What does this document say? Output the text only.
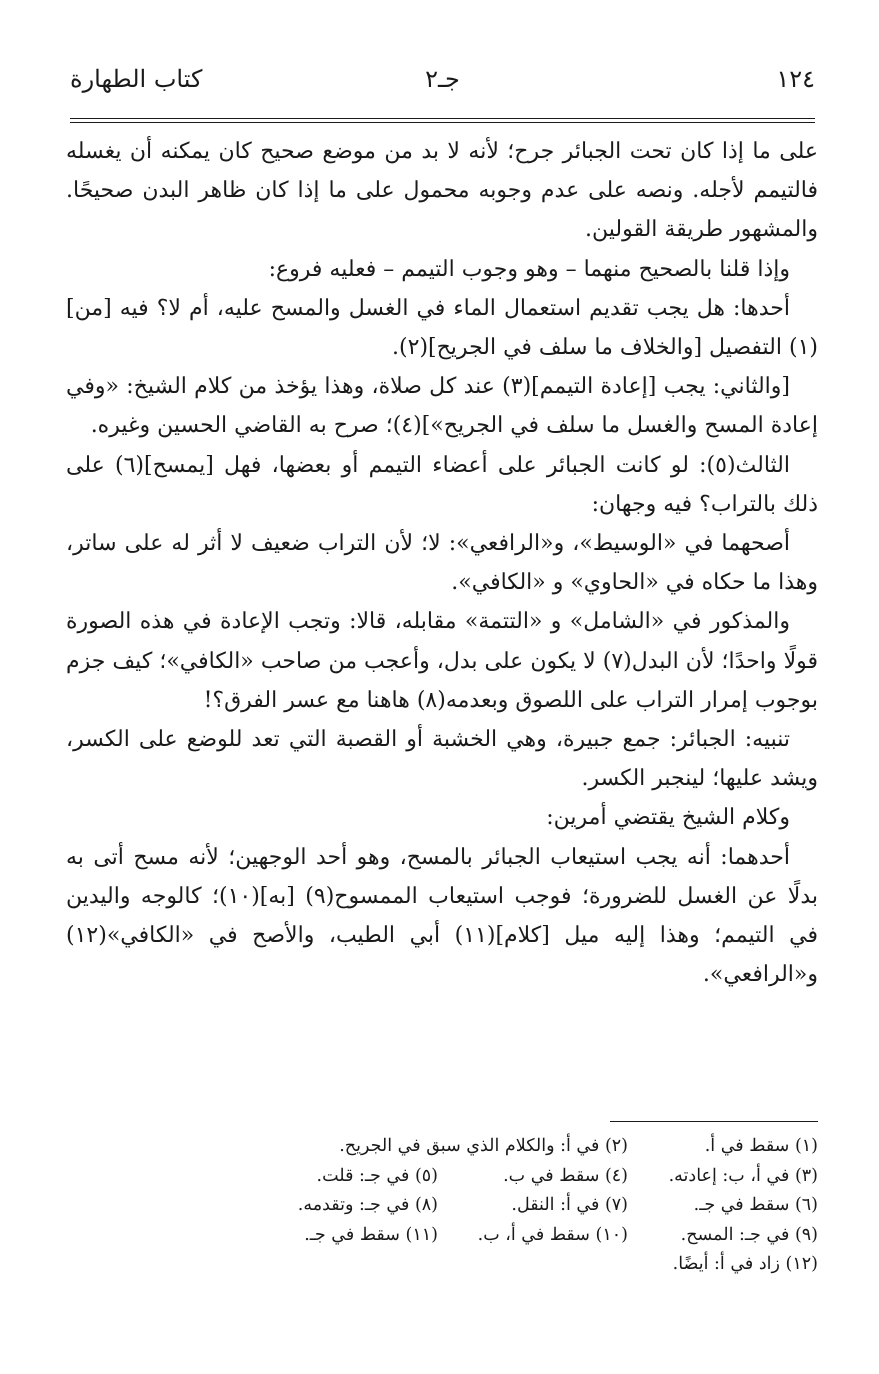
١٢٤
جـ٢
كتاب الطهارة

على ما إذا كان تحت الجبائر جرح؛ لأنه لا بد من موضع صحيح كان يمكنه أن يغسله فالتيمم لأجله. ونصه على عدم وجوبه محمول على ما إذا كان ظاهر البدن صحيحًا. والمشهور طريقة القولين.

وإذا قلنا بالصحيح منهما – وهو وجوب التيمم – فعليه فروع:

أحدها: هل يجب تقديم استعمال الماء في الغسل والمسح عليه، أم لا؟ فيه [من](١) التفصيل [والخلاف ما سلف في الجريح](٢).

[والثاني: يجب [إعادة التيمم](٣) عند كل صلاة، وهذا يؤخذ من كلام الشيخ: «وفي إعادة المسح والغسل ما سلف في الجريح»](٤)؛ صرح به القاضي الحسين وغيره.

الثالث(٥): لو كانت الجبائر على أعضاء التيمم أو بعضها، فهل [يمسح](٦) على ذلك بالتراب؟ فيه وجهان:

أصحهما في «الوسيط»، و«الرافعي»: لا؛ لأن التراب ضعيف لا أثر له على ساتر، وهذا ما حكاه في «الحاوي» و «الكافي».

والمذكور في «الشامل» و «التتمة» مقابله، قالا: وتجب الإعادة في هذه الصورة قولًا واحدًا؛ لأن البدل(٧) لا يكون على بدل، وأعجب من صاحب «الكافي»؛ كيف جزم بوجوب إمرار التراب على اللصوق وبعدمه(٨) هاهنا مع عسر الفرق؟!

تنبيه: الجبائر: جمع جبيرة، وهي الخشبة أو القصبة التي تعد للوضع على الكسر، ويشد عليها؛ لينجبر الكسر.

وكلام الشيخ يقتضي أمرين:

أحدهما: أنه يجب استيعاب الجبائر بالمسح، وهو أحد الوجهين؛ لأنه مسح أتى به بدلًا عن الغسل للضرورة؛ فوجب استيعاب الممسوح(٩) [به](١٠)؛ كالوجه واليدين في التيمم؛ وهذا إليه ميل [كلام](١١) أبي الطيب، والأصح في «الكافي»(١٢) و«الرافعي».

(١) سقط في أ.
(٢) في أ: والكلام الذي سبق في الجريح.
(٣) في أ، ب: إعادته.
(٤) سقط في ب.
(٥) في جـ: قلت.
(٦) سقط في جـ.
(٧) في أ: النقل.
(٨) في جـ: وتقدمه.
(٩) في جـ: المسح.
(١٠) سقط في أ، ب.
(١١) سقط في جـ.
(١٢) زاد في أ: أيضًا.
